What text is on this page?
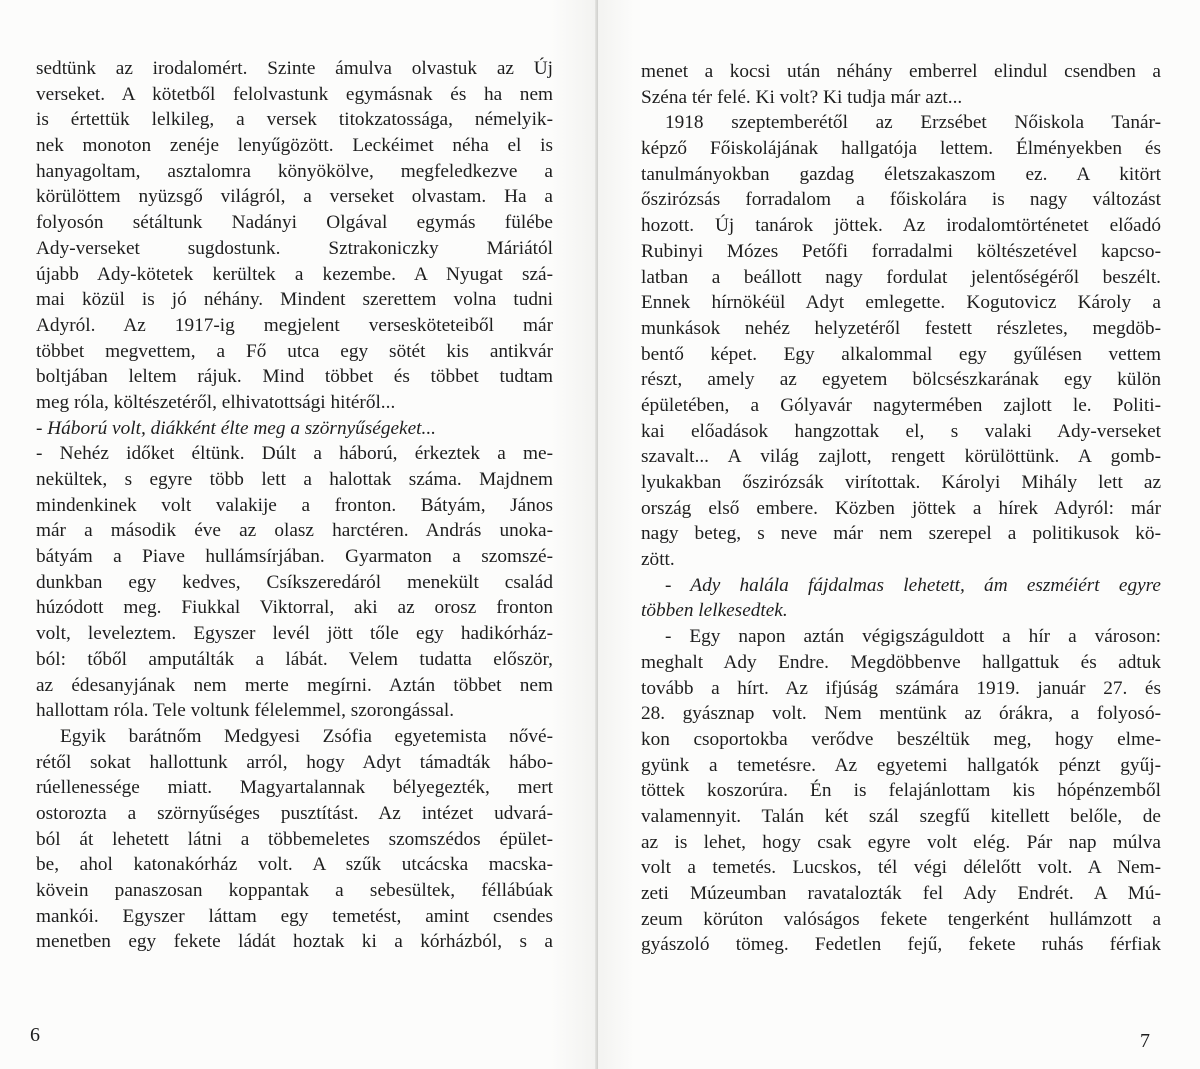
sedtünk az irodalomért. Szinte ámulva olvastuk az Új
verseket. A kötetből felolvastunk egymásnak és ha nem
is értettük lelkileg, a versek titokzatossága, némelyik-
nek monoton zenéje lenyűgözött. Leckéimet néha el is
hanyagoltam, asztalomra könyökölve, megfeledkezve a
körülöttem nyüzsgő világról, a verseket olvastam. Ha a
folyosón sétáltunk Nadányi Olgával egymás fülébe
Ady-verseket sugdostunk. Sztrakoniczky Máriától
újabb Ady-kötetek kerültek a kezembe. A Nyugat szá-
mai közül is jó néhány. Mindent szerettem volna tudni
Adyról. Az 1917-ig megjelent versesköteteiből már
többet megvettem, a Fő utca egy sötét kis antikvár
boltjában leltem rájuk. Mind többet és többet tudtam
meg róla, költészetéről, elhivatottsági hitéről...
- Háború volt, diákként élte meg a szörnyűségeket...
- Nehéz időket éltünk. Dúlt a háború, érkeztek a me-
nekültek, s egyre több lett a halottak száma. Majdnem
mindenkinek volt valakije a fronton. Bátyám, János
már a második éve az olasz harctéren. András unoka-
bátyám a Piave hullámsírjában. Gyarmaton a szomszé-
dunkban egy kedves, Csíkszeredáról menekült család
húzódott meg. Fiukkal Viktorral, aki az orosz fronton
volt, leveleztem. Egyszer levél jött tőle egy hadikórház-
ból: tőből amputálták a lábát. Velem tudatta először,
az édesanyjának nem merte megírni. Aztán többet nem
hallottam róla. Tele voltunk félelemmel, szorongással.
Egyik barátnőm Medgyesi Zsófia egyetemista nővé-
rétől sokat hallottunk arról, hogy Adyt támadták hábo-
rúellenessége miatt. Magyartalannak bélyegezték, mert
ostorozta a szörnyűséges pusztítást. Az intézet udvará-
ból át lehetett látni a többemeletes szomszédos épület-
be, ahol katonakórház volt. A szűk utcácska macska-
kövein panaszosan koppantak a sebesültek, féllábúak
mankói. Egyszer láttam egy temetést, amint csendes
menetben egy fekete ládát hoztak ki a kórházból, s a
6
menet a kocsi után néhány emberrel elindul csendben a
Széna tér felé. Ki volt? Ki tudja már azt...
1918 szeptemberétől az Erzsébet Nőiskola Tanár-
képző Főiskolájának hallgatója lettem. Élményekben és
tanulmányokban gazdag életszakaszom ez. A kitört
őszirózsás forradalom a főiskolára is nagy változást
hozott. Új tanárok jöttek. Az irodalomtörténetet előadó
Rubinyi Mózes Petőfi forradalmi költészetével kapcso-
latban a beállott nagy fordulat jelentőségéről beszélt.
Ennek hírnökéül Adyt emlegette. Kogutovicz Károly a
munkások nehéz helyzetéről festett részletes, megdöb-
bentő képet. Egy alkalommal egy gyűlésen vettem
részt, amely az egyetem bölcsészkarának egy külön
épületében, a Gólyavár nagytermében zajlott le. Politi-
kai előadások hangzottak el, s valaki Ady-verseket
szavalt... A világ zajlott, rengett körülöttünk. A gomb-
lyukakban őszirózsák virítottak. Károlyi Mihály lett az
ország első embere. Közben jöttek a hírek Adyról: már
nagy beteg, s neve már nem szerepel a politikusok kö-
zött.
- Ady halála fájdalmas lehetett, ám eszméiért egyre
többen lelkesedtek.
- Egy napon aztán végigszáguldott a hír a városon:
meghalt Ady Endre. Megdöbbenve hallgattuk és adtuk
tovább a hírt. Az ifjúság számára 1919. január 27. és
28. gyásznap volt. Nem mentünk az órákra, a folyosó-
kon csoportokba verődve beszéltük meg, hogy elme-
gyünk a temetésre. Az egyetemi hallgatók pénzt gyűj-
töttek koszorúra. Én is felajánlottam kis hópénzemből
valamennyit. Talán két szál szegfű kitellett belőle, de
az is lehet, hogy csak egyre volt elég. Pár nap múlva
volt a temetés. Lucskos, tél végi délelőtt volt. A Nem-
zeti Múzeumban ravatalozták fel Ady Endrét. A Mú-
zeum körúton valóságos fekete tengerként hullámzott a
gyászoló tömeg. Fedetlen fejű, fekete ruhás férfiak
7
